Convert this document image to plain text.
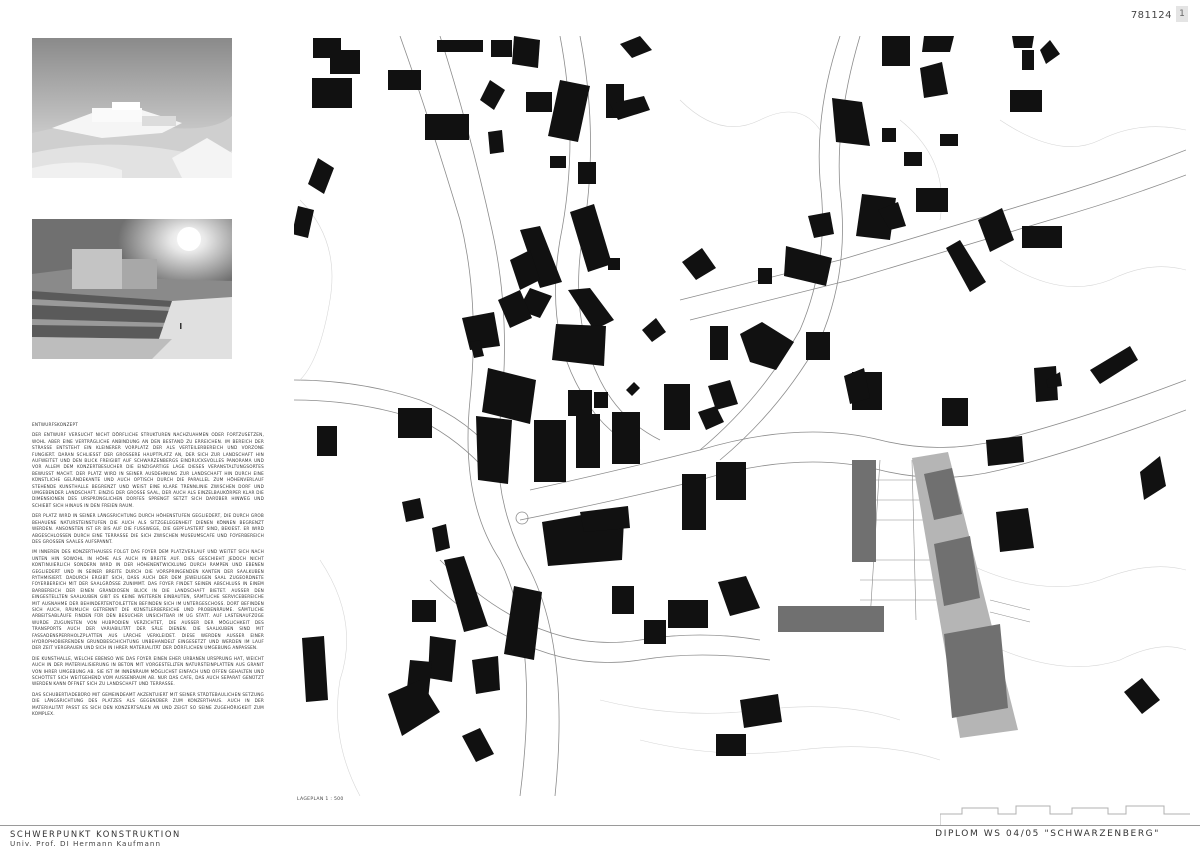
781124 1
ENTWURFSKONZEPT

DER ENTWURF VERSUCHT NICHT DÖRFLICHE STRUKTUREN NACHZUAHMEN ODER FORTZUSETZEN, WOHL ABER EINE VERTRÄGLICHE ANBINDUNG AN DEN BESTAND ZU ERREICHEN. IM BEREICH DER STRASSE ENTSTEHT EIN KLEINERER VORPLATZ DER ALS VERTEILERBEREICH UND VORZONE FUNGIERT. DARAN SCHLIESST DER GROSSERE HAUPTPLATZ AN, DER SICH ZUR LANDSCHAFT HIN AUFWEITET UND DEN BLICK FREIGIBT AUF SCHWARZENBERGS EINDRUCKSVOLLES PANORAMA UND VOR ALLEM DEM KONZERTBESUCHER DIE EINZIGARTIGE LAGE DIESES VERANSTALTUNGSORTES BEWUSST MACHT. DER PLATZ WIRD IN SEINER AUSDEHNUNG ZUR LANDSCHAFT HIN DURCH EINE KÜNSTLICHE GELÄNDEKANTE UND AUCH OPTISCH DURCH DIE PARALLEL ZUM HÖHENVERLAUF STEHENDE KUNSTHALLE BEGRENZT UND WEIST EINE KLARE TRENNLINIE ZWISCHEN DORF UND UMGEBENDER LANDSCHAFT. EINZIG DER GROSSE SAAL, DER AUCH ALS EINZELBAUKÖRPER KLAR DIE DIMENSIONEN DES URSPRÜNGLICHEN DORFES SPRENGT SETZT SICH DARÜBER HINWEG UND SCHIEBT SICH HINAUS IN DEN FREIEN RAUM.

DER PLATZ WIRD IN SEINER LÄNGSRICHTUNG DURCH HÖHENSTUFEN GEGLIEDERT, DIE DURCH GROB BEHAUENE NATURSTEINSTUFEN DIE AUCH ALS SITZGELEGENHEIT DIENEN KÖNNEN BEGRENZT WERDEN. ANSONSTEN IST ER BIS AUF DIE FUSSWEGE, DIE GEPFLASTERT SIND, BEKIEST. ER WIRD ABGESCHLOSSEN DURCH EINE TERRASSE DIE SICH ZWISCHEN MUSEUMSCAFE UND FOYERBEREICH DES GROSSEN SAALES AUFSPANNT.

IM INNEREN DES KONZERTHAUSES FOLGT DAS FOYER DEM PLATZVERLAUF UND WEITET SICH NACH UNTEN HIN SOWOHL IN HÖHE ALS AUCH IN BREITE AUF. DIES GESCHIEHT JEDOCH NICHT KONTINUIERLICH SONDERN WIRD IN DER HÖHENENTWICKLUNG DURCH RAMPEN UND EBENEN GEGLIEDERT UND IN SEINER BREITE DURCH DIE VORSPRINGENDEN KANTEN DER SAALKUBEN RYTHMISIERT. DADURCH ERGIBT SICH, DASS AUCH DER DEM JEWEILIGEN SAAL ZUGEORDNETE FOYERBEREICH MIT DER SAALGRÖSSE ZUNIMMT. DAS FOYER FINDET SEINEN ABSCHLUSS IN EINEM BARBEREICH DER EINEN GRANDIOSEN BLICK IN DIE LANDSCHAFT BIETET. AUSSER DEN EINGESTELLTEN SAALKUBEN GIBT ES KEINE WEITEREN EINBAUTEN, SÄMTLICHE SERVICEBEREICHE MIT AUSNAHME DER BEHINDERTENTOILETTEN BEFINDEN SICH IM UNTERGESCHOSS. DORT BEFINDEN SICH AUCH, RÄUMLICH GETRENNT DIE KÜNSTLERBEREICHE UND PROBENRÄUME. SÄMTLICHE ARBEITSABLÄUFE FINDEN FÜR DEN BESUCHER UNSICHTBAR IM UG STATT. AUF LASTENAUFZÜGE WURDE ZUGUNSTEN VON HUBPODIEN VERZICHTET, DIE AUSSER DER MÖGLICHKEIT DES TRANSPORTS AUCH DER VARIABILITÄT DER SÄLE DIENEN. DIE SAALKUBEN SIND MIT FASSADENSPERRHOLZPLATTEN AUS LÄRCHE VERKLEIDET. DIESE WERDEN AUSSER EINER HYDROPHOBIERENDEN GRUNDBESCHICHTUNG UNBEHANDELT EINGESETZT UND WERDEN IM LAUF DER ZEIT VERGRAUEN UND SICH IN IHRER MATERIALITÄT DER DÖRFLICHEN UMGEBUNG ANPASSEN.

DIE KUNSTHALLE, WELCHE EBENSO WIE DAS FOYER EINEN EHER URBANEN URSPRUNG HAT, WEICHT AUCH IN DER MATERIALISIERUNG IN BETON MIT VORGESTELLTEN NATURSTEINPLATTEN AUS GRANIT VON IHRER UMGEBUNG AB. SIE IST IM INNENRAUM MÖGLICHST EINFACH UND OFFEN GEHALTEN UND SCHOTTET SICH WEITGEHEND VOM AUSSENRAUM AB. NUR DAS CAFE, DAS AUCH SEPARAT GENÜTZT WERDEN KANN ÖFFNET SICH ZU LANDSCHAFT UND TERRASSE.

DAS SCHUBERTIADEBÜRO MIT GEMEINDEAMT AKZENTUIERT MIT SEINER STÄDTEBAULICHEN SETZUNG DIE LÄNGSRICHTUNG DES PLATZES ALS GEGENÜBER ZUM KONZERTHAUS. AUCH IN DER MATERIALITÄT PASST ES SICH DEN KONZERTSÄLEN AN UND ZEIGT SO SEINE ZUGEHÖRIGKEIT ZUM KOMPLEX.

LAGEPLAN 1 : 500
SCHWERPUNKT KONSTRUKTION
Univ. Prof. DI Hermann Kaufmann
DIPLOM WS 04/05 "SCHWARZENBERG"
